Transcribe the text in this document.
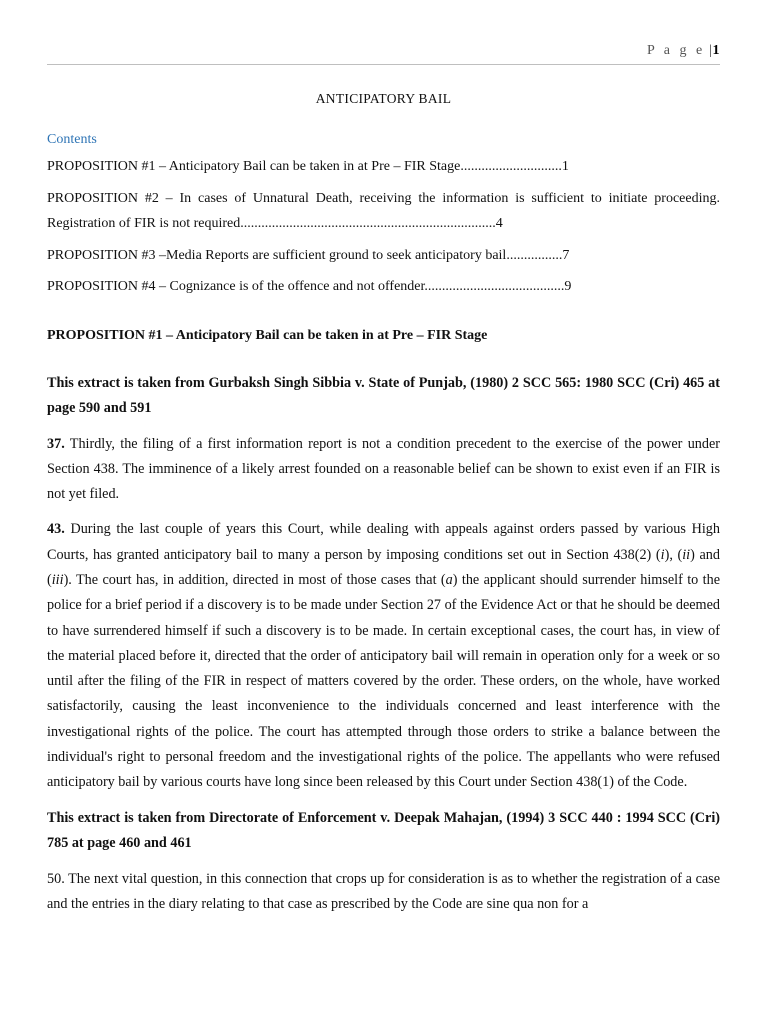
P a g e |1
ANTICIPATORY BAIL
Contents
PROPOSITION #1 – Anticipatory Bail can be taken in at Pre – FIR Stage.............................1
PROPOSITION #2 – In cases of Unnatural Death, receiving the information is sufficient to initiate proceeding. Registration of FIR is not required.........................................................................4
PROPOSITION #3 –Media Reports are sufficient ground to seek anticipatory bail................7
PROPOSITION #4 – Cognizance is of the offence and not offender........................................9
PROPOSITION #1 – Anticipatory Bail can be taken in at Pre – FIR Stage
This extract is taken from Gurbaksh Singh Sibbia v. State of Punjab, (1980) 2 SCC 565: 1980 SCC (Cri) 465 at page 590 and 591
37. Thirdly, the filing of a first information report is not a condition precedent to the exercise of the power under Section 438. The imminence of a likely arrest founded on a reasonable belief can be shown to exist even if an FIR is not yet filed.
43. During the last couple of years this Court, while dealing with appeals against orders passed by various High Courts, has granted anticipatory bail to many a person by imposing conditions set out in Section 438(2) (i), (ii) and (iii). The court has, in addition, directed in most of those cases that (a) the applicant should surrender himself to the police for a brief period if a discovery is to be made under Section 27 of the Evidence Act or that he should be deemed to have surrendered himself if such a discovery is to be made. In certain exceptional cases, the court has, in view of the material placed before it, directed that the order of anticipatory bail will remain in operation only for a week or so until after the filing of the FIR in respect of matters covered by the order. These orders, on the whole, have worked satisfactorily, causing the least inconvenience to the individuals concerned and least interference with the investigational rights of the police. The court has attempted through those orders to strike a balance between the individual's right to personal freedom and the investigational rights of the police. The appellants who were refused anticipatory bail by various courts have long since been released by this Court under Section 438(1) of the Code.
This extract is taken from Directorate of Enforcement v. Deepak Mahajan, (1994) 3 SCC 440 : 1994 SCC (Cri) 785 at page 460 and 461
50. The next vital question, in this connection that crops up for consideration is as to whether the registration of a case and the entries in the diary relating to that case as prescribed by the Code are sine qua non for a
